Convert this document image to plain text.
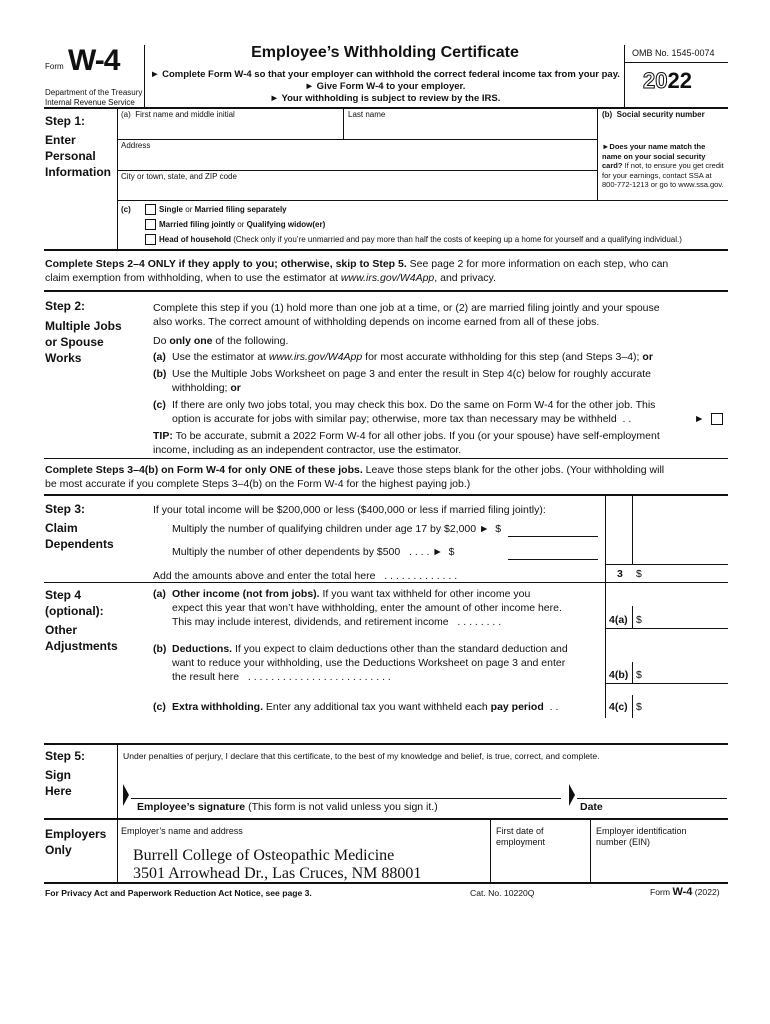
Form W-4
Department of the Treasury
Internal Revenue Service
Employee’s Withholding Certificate
► Complete Form W-4 so that your employer can withhold the correct federal income tax from your pay.
► Give Form W-4 to your employer.
► Your withholding is subject to review by the IRS.
OMB No. 1545-0074
2022
Step 1:
Enter
Personal
Information
(a) First name and middle initial	Last name	(b) Social security number
Address
City or town, state, and ZIP code
►Does your name match the name on your social security card? If not, to ensure you get credit for your earnings, contact SSA at 800-772-1213 or go to www.ssa.gov.
(c)	Single or Married filing separately
Married filing jointly or Qualifying widow(er)
Head of household (Check only if you’re unmarried and pay more than half the costs of keeping up a home for yourself and a qualifying individual.)
Complete Steps 2–4 ONLY if they apply to you; otherwise, skip to Step 5. See page 2 for more information on each step, who can
claim exemption from withholding, when to use the estimator at www.irs.gov/W4App, and privacy.
Step 2:
Multiple Jobs
or Spouse
Works
Complete this step if you (1) hold more than one job at a time, or (2) are married filing jointly and your spouse
also works. The correct amount of withholding depends on income earned from all of these jobs.
Do only one of the following.
(a) Use the estimator at www.irs.gov/W4App for most accurate withholding for this step (and Steps 3–4); or
(b) Use the Multiple Jobs Worksheet on page 3 and enter the result in Step 4(c) below for roughly accurate
withholding; or
(c) If there are only two jobs total, you may check this box. Do the same on Form W-4 for the other job. This
option is accurate for jobs with similar pay; otherwise, more tax than necessary may be withheld . .	►
TIP: To be accurate, submit a 2022 Form W-4 for all other jobs. If you (or your spouse) have self-employment
income, including as an independent contractor, use the estimator.
Complete Steps 3–4(b) on Form W-4 for only ONE of these jobs. Leave those steps blank for the other jobs. (Your withholding will
be most accurate if you complete Steps 3–4(b) on the Form W-4 for the highest paying job.)
Step 3:
Claim
Dependents
If your total income will be $200,000 or less ($400,000 or less if married filing jointly):
Multiply the number of qualifying children under age 17 by $2,000 ► $
Multiply the number of other dependents by $500 . . . . ► $
Add the amounts above and enter the total here . . . . . . . . . . . . .	3 $
Step 4
(optional):
Other
Adjustments
(a) Other income (not from jobs). If you want tax withheld for other income you
expect this year that won’t have withholding, enter the amount of other income here.
This may include interest, dividends, and retirement income . . . . . . . .	4(a) $
(b) Deductions. If you expect to claim deductions other than the standard deduction and
want to reduce your withholding, use the Deductions Worksheet on page 3 and enter
the result here . . . . . . . . . . . . . . . . . . . . . . . . .	4(b) $
(c) Extra withholding. Enter any additional tax you want withheld each pay period . .	4(c) $
Step 5:
Sign
Here
Under penalties of perjury, I declare that this certificate, to the best of my knowledge and belief, is true, correct, and complete.
Employee’s signature (This form is not valid unless you sign it.)	Date
Employers
Only
Employer’s name and address
Burrell College of Osteopathic Medicine
3501 Arrowhead Dr., Las Cruces, NM 88001
First date of
employment
Employer identification
number (EIN)
For Privacy Act and Paperwork Reduction Act Notice, see page 3.	Cat. No. 10220Q	Form W-4 (2022)
